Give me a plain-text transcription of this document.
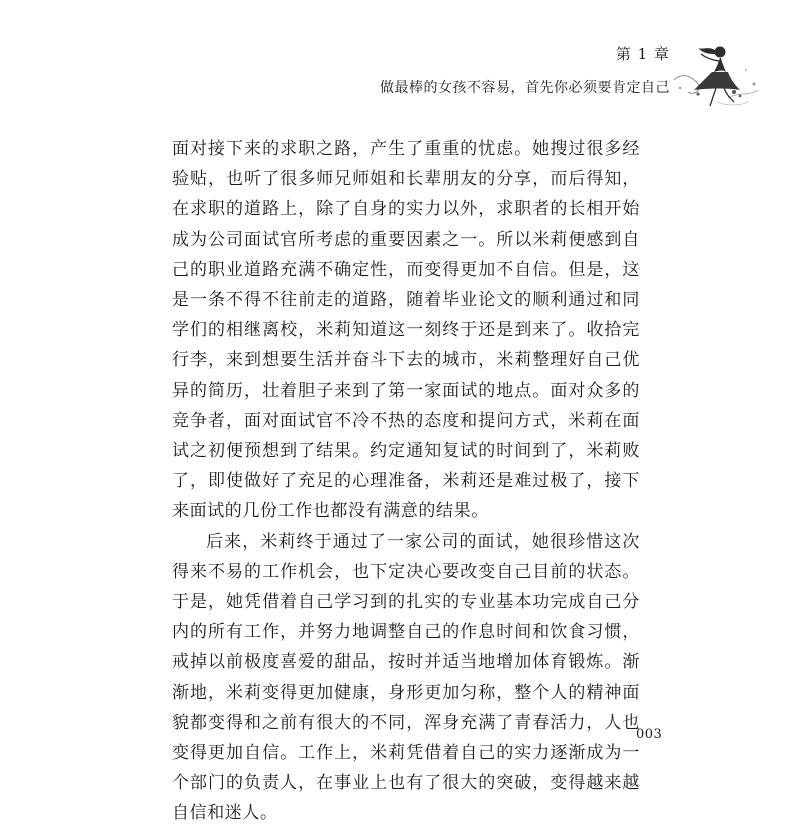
第 1 章
做最棒的女孩不容易，首先你必须要肯定自己

面对接下来的求职之路，产生了重重的忧虑。她搜过很多经验贴，也听了很多师兄师姐和长辈朋友的分享，而后得知，在求职的道路上，除了自身的实力以外，求职者的长相开始成为公司面试官所考虑的重要因素之一。所以米莉便感到自己的职业道路充满不确定性，而变得更加不自信。但是，这是一条不得不往前走的道路，随着毕业论文的顺利通过和同学们的相继离校，米莉知道这一刻终于还是到来了。收拾完行李，来到想要生活并奋斗下去的城市，米莉整理好自己优异的简历，壮着胆子来到了第一家面试的地点。面对众多的竞争者，面对面试官不冷不热的态度和提问方式，米莉在面试之初便预想到了结果。约定通知复试的时间到了，米莉败了，即使做好了充足的心理准备，米莉还是难过极了，接下来面试的几份工作也都没有满意的结果。

后来，米莉终于通过了一家公司的面试，她很珍惜这次得来不易的工作机会，也下定决心要改变自己目前的状态。于是，她凭借着自己学习到的扎实的专业基本功完成自己分内的所有工作，并努力地调整自己的作息时间和饮食习惯，戒掉以前极度喜爱的甜品，按时并适当地增加体育锻炼。渐渐地，米莉变得更加健康，身形更加匀称，整个人的精神面貌都变得和之前有很大的不同，浑身充满了青春活力，人也变得更加自信。工作上，米莉凭借着自己的实力逐渐成为一个部门的负责人，在事业上也有了很大的突破，变得越来越自信和迷人。

003
